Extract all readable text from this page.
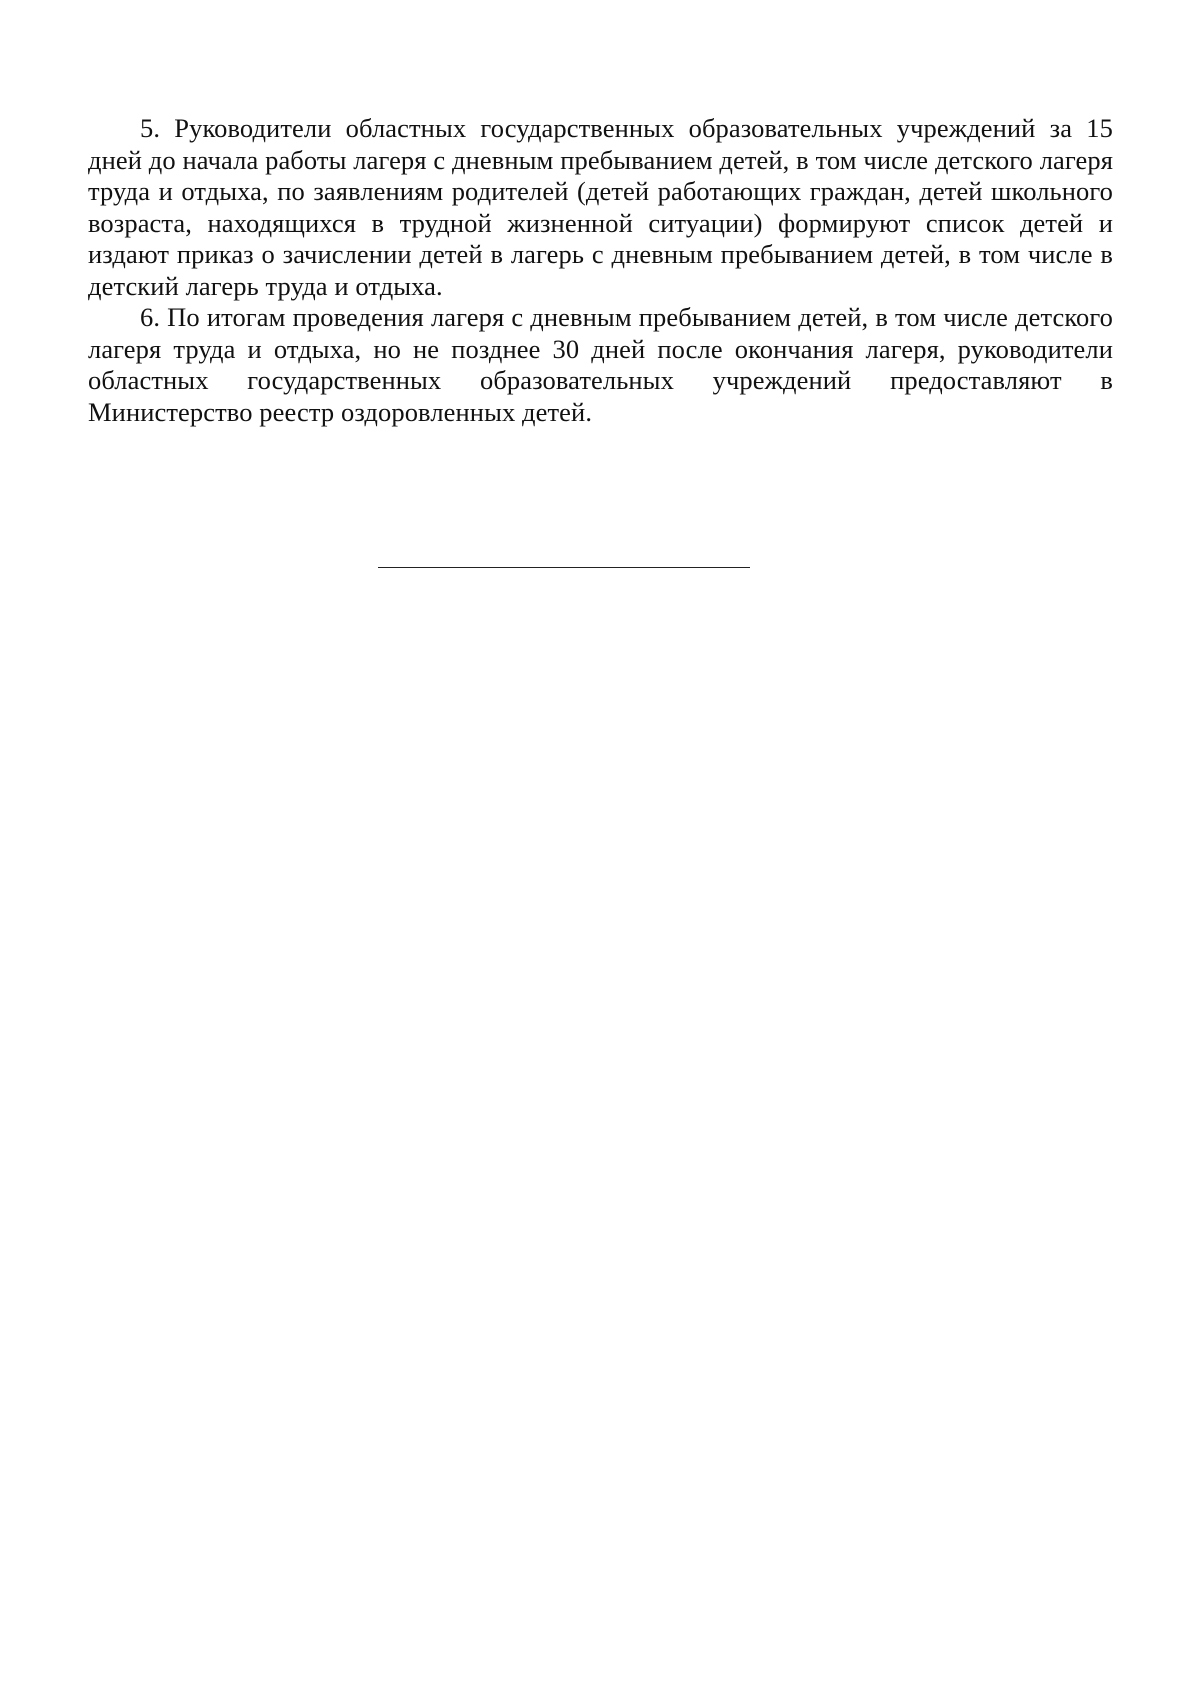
5. Руководители областных государственных образовательных учреждений за 15 дней до начала работы лагеря с дневным пребыванием детей, в том числе детского лагеря труда и отдыха, по заявлениям родителей (детей работающих граждан, детей школьного возраста, находящихся в трудной жизненной ситуации) формируют список детей и издают приказ о зачислении детей в лагерь с дневным пребыванием детей, в том числе в детский лагерь труда и отдыха.

6. По итогам проведения лагеря с дневным пребыванием детей, в том числе детского лагеря труда и отдыха, но не позднее 30 дней после окончания лагеря, руководители областных государственных образовательных учреждений предоставляют в Министерство реестр оздоровленных детей.
